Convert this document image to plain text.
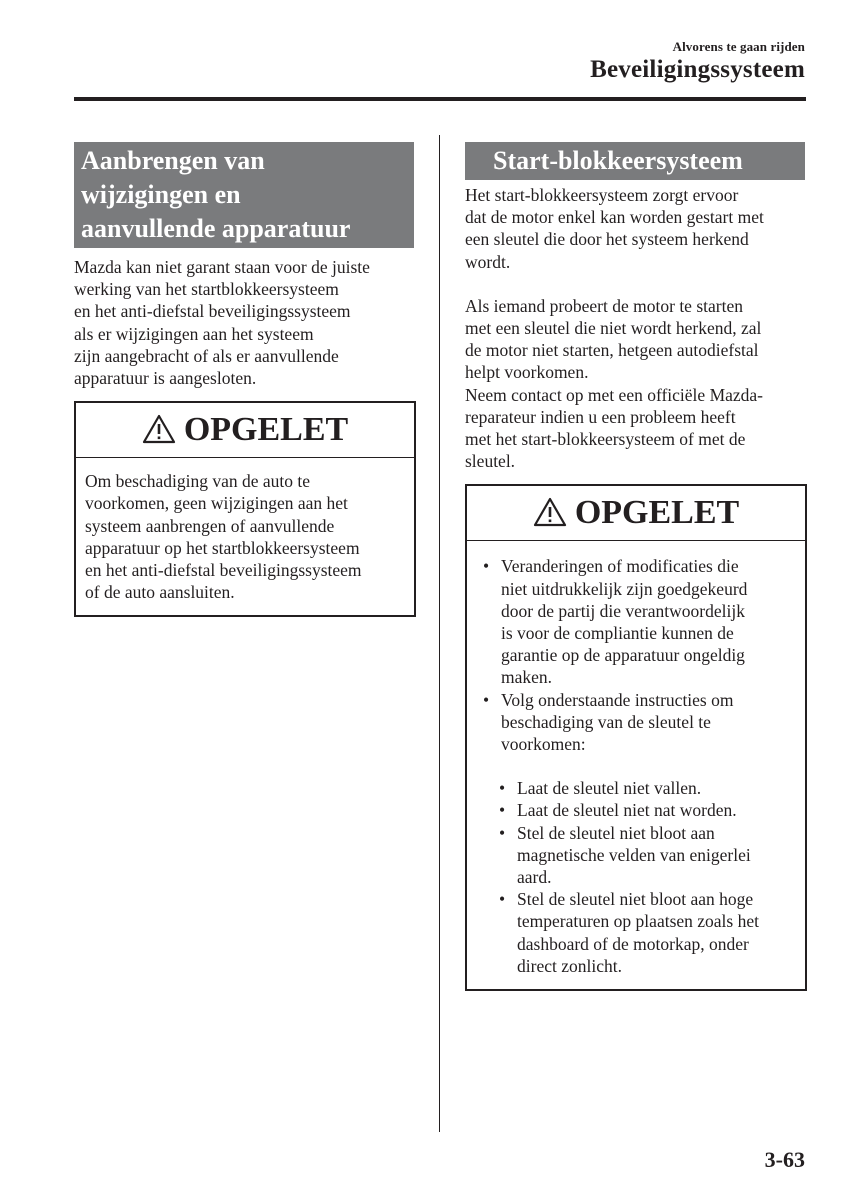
Alvorens te gaan rijden
Beveiligingssysteem
Aanbrengen van
wijzigingen en
aanvullende apparatuur
Mazda kan niet garant staan voor de juiste
werking van het startblokkeersysteem
en het anti-diefstal beveiligingssysteem
als er wijzigingen aan het systeem
zijn aangebracht of als er aanvullende
apparatuur is aangesloten.
OPGELET
Om beschadiging van de auto te
voorkomen, geen wijzigingen aan het
systeem aanbrengen of aanvullende
apparatuur op het startblokkeersysteem
en het anti-diefstal beveiligingssysteem
of de auto aansluiten.
Start-blokkeersysteem
Het start-blokkeersysteem zorgt ervoor
dat de motor enkel kan worden gestart met
een sleutel die door het systeem herkend
wordt.
Als iemand probeert de motor te starten
met een sleutel die niet wordt herkend, zal
de motor niet starten, hetgeen autodiefstal
helpt voorkomen.
Neem contact op met een officiële Mazda-
reparateur indien u een probleem heeft
met het start-blokkeersysteem of met de
sleutel.
OPGELET
• Veranderingen of modificaties die
niet uitdrukkelijk zijn goedgekeurd
door de partij die verantwoordelijk
is voor de compliantie kunnen de
garantie op de apparatuur ongeldig
maken.
• Volg onderstaande instructies om
beschadiging van de sleutel te
voorkomen:
• Laat de sleutel niet vallen.
• Laat de sleutel niet nat worden.
• Stel de sleutel niet bloot aan
magnetische velden van enigerlei
aard.
• Stel de sleutel niet bloot aan hoge
temperaturen op plaatsen zoals het
dashboard of de motorkap, onder
direct zonlicht.
3-63
